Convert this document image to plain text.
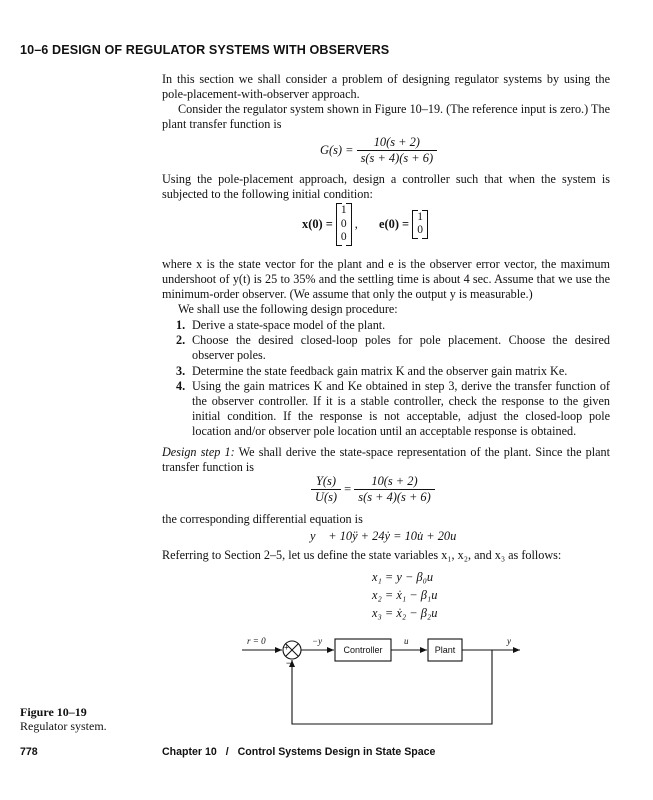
10–6 DESIGN OF REGULATOR SYSTEMS WITH OBSERVERS
In this section we shall consider a problem of designing regulator systems by using the pole-placement-with-observer approach.
Consider the regulator system shown in Figure 10–19. (The reference input is zero.) The plant transfer function is
$G(s) = \frac{10(s + 2)}{s(s + 4)(s + 6)}$
Using the pole-placement approach, design a controller such that when the system is subjected to the following initial condition:
x(0) =
1
0
0
, e(0) = 1
0
where x is the state vector for the plant and e is the observer error vector, the maximum undershoot of y(t) is 25 to 35% and the settling time is about 4 sec. Assume that we use the minimum-order observer. (We assume that only the output y is measurable.)
We shall use the following design procedure:
1. Derive a state-space model of the plant.
2. Choose the desired closed-loop poles for pole placement. Choose the desired observer poles.
3. Determine the state feedback gain matrix K and the observer gain matrix Ke.
4. Using the gain matrices K and Ke obtained in step 3, derive the transfer function of the observer controller. If it is a stable controller, check the response to the given initial condition. If the response is not acceptable, adjust the closed-loop pole location and/or observer pole location until an acceptable response is obtained.
Design step 1: We shall derive the state-space representation of the plant. Since the plant transfer function is
$\frac{Y(s)}{U(s)} = \frac{10(s + 2)}{s(s + 4)(s + 6)}$
the corresponding differential equation is
y⃛ + 10ÿ + 24ẏ = 10u̇ + 20u
Referring to Section 2–5, let us define the state variables x₁, x₂, and x₃ as follows:
x₁ = y − β₀u
x₂ = ẋ₁ − β₁u
x₃ = ẋ₂ − β₂u
r = 0
+
−
−y	u	y
Controller	Plant
Figure 10–19
Regulator system.
778	Chapter 10 / Control Systems Design in State Space
